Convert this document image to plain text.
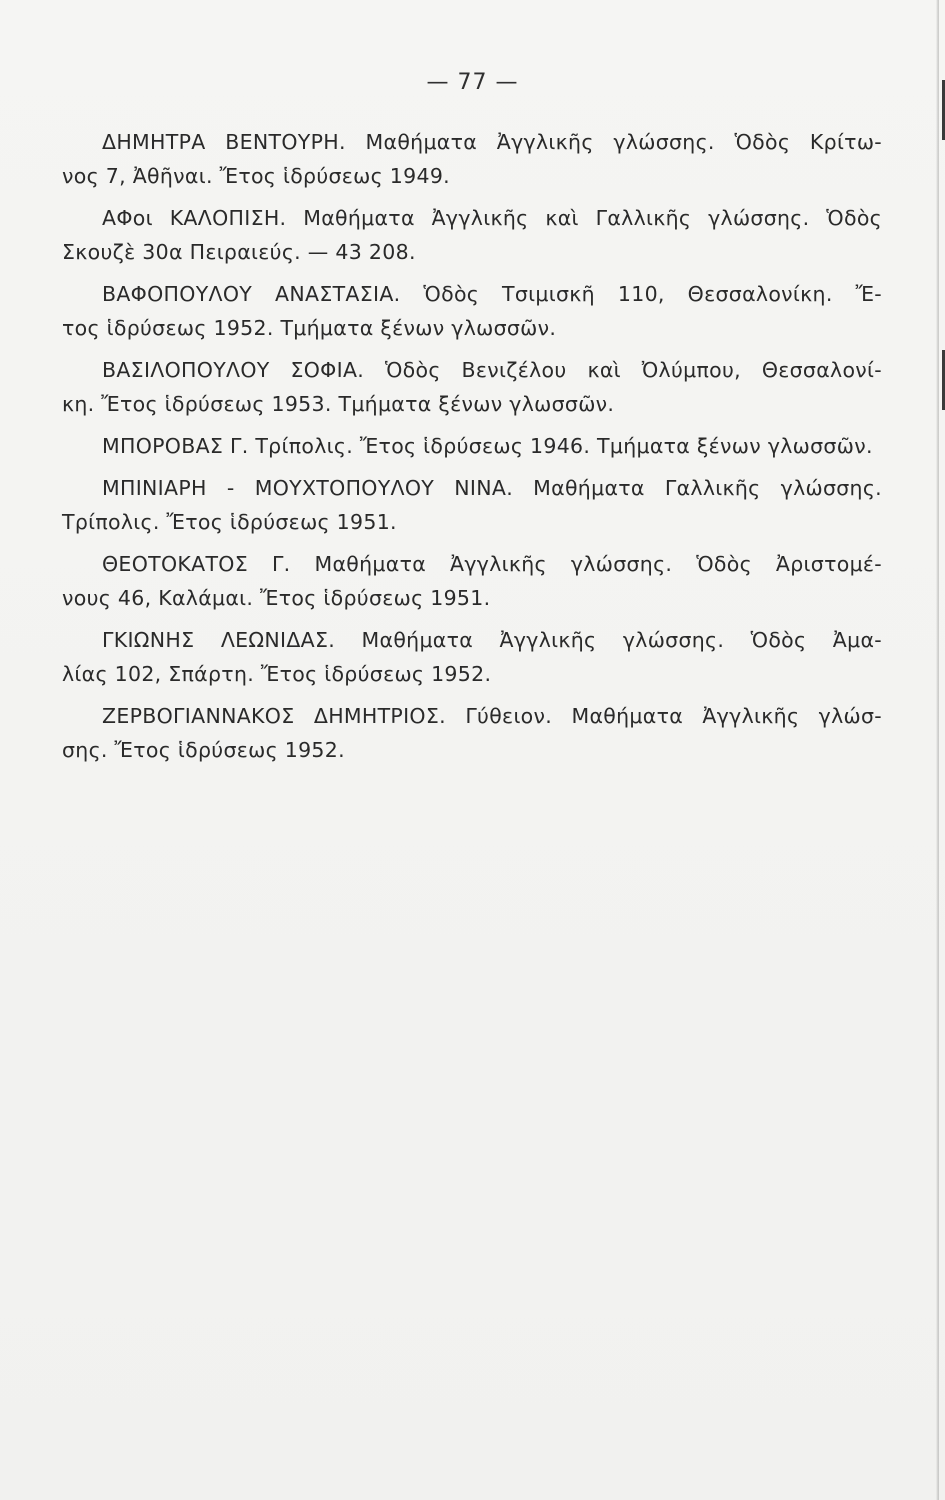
— 77 —

ΔΗΜΗΤΡΑ ΒΕΝΤΟΥΡΗ. Μαθήματα Ἀγγλικῆς γλώσσης. Ὁδὸς Κρίτω-
νος 7, Ἀθῆναι. Ἔτος ἱδρύσεως 1949.

ΑΦοι ΚΑΛΟΠΙΣΗ. Μαθήματα Ἀγγλικῆς καὶ Γαλλικῆς γλώσσης. Ὁδὸς
Σκουζὲ 30α Πειραιεύς. — 43 208.

ΒΑΦΟΠΟΥΛΟΥ ΑΝΑΣΤΑΣΙΑ. Ὁδὸς Τσιμισκῆ 110, Θεσσαλονίκη. Ἔ-
τος ἱδρύσεως 1952. Τμήματα ξένων γλωσσῶν.

ΒΑΣΙΛΟΠΟΥΛΟΥ ΣΟΦΙΑ. Ὁδὸς Βενιζέλου καὶ Ὀλύμπου, Θεσσαλονί-
κη. Ἔτος ἱδρύσεως 1953. Τμήματα ξένων γλωσσῶν.

ΜΠΟΡΟΒΑΣ Γ. Τρίπολις. Ἔτος ἱδρύσεως 1946. Τμήματα ξένων γλωσσῶν.

ΜΠΙΝΙΑΡΗ - ΜΟΥΧΤΟΠΟΥΛΟΥ ΝΙΝΑ. Μαθήματα Γαλλικῆς γλώσσης.
Τρίπολις. Ἔτος ἱδρύσεως 1951.

ΘΕΟΤΟΚΑΤΟΣ Γ. Μαθήματα Ἀγγλικῆς γλώσσης. Ὁδὸς Ἀριστομέ-
νους 46, Καλάμαι. Ἔτος ἱδρύσεως 1951.

ΓΚΙΩΝΗΣ ΛΕΩΝΙΔΑΣ. Μαθήματα Ἀγγλικῆς γλώσσης. Ὁδὸς Ἀμα-
λίας 102, Σπάρτη. Ἔτος ἱδρύσεως 1952.

ΖΕΡΒΟΓΙΑΝΝΑΚΟΣ ΔΗΜΗΤΡΙΟΣ. Γύθειον. Μαθήματα Ἀγγλικῆς γλώσ-
σης. Ἔτος ἱδρύσεως 1952.
